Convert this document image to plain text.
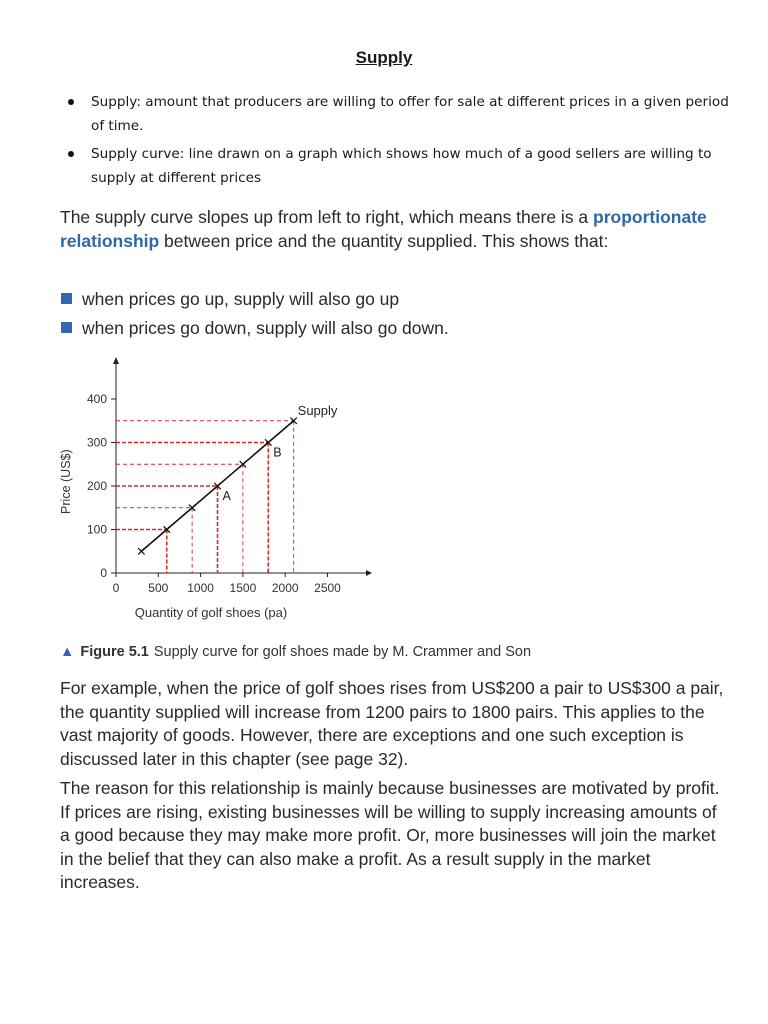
Supply
Supply: amount that producers are willing to offer for sale at different prices in a given period of time.
Supply curve: line drawn on a graph which shows how much of a good sellers are willing to supply at different prices
The supply curve slopes up from left to right, which means there is a proportionate relationship between price and the quantity supplied. This shows that:
when prices go up, supply will also go up
when prices go down, supply will also go down.
0
100
200
300
400
0 500 1000 1500 2000 2500
Quantity of golf shoes (pa)
Price (US$)
Supply
A
B
▲ Figure 5.1 Supply curve for golf shoes made by M. Crammer and Son
For example, when the price of golf shoes rises from US$200 a pair to US$300 a pair, the quantity supplied will increase from 1200 pairs to 1800 pairs. This applies to the vast majority of goods. However, there are exceptions and one such exception is discussed later in this chapter (see page 32).
The reason for this relationship is mainly because businesses are motivated by profit. If prices are rising, existing businesses will be willing to supply increasing amounts of a good because they may make more profit. Or, more businesses will join the market in the belief that they can also make a profit. As a result supply in the market increases.
